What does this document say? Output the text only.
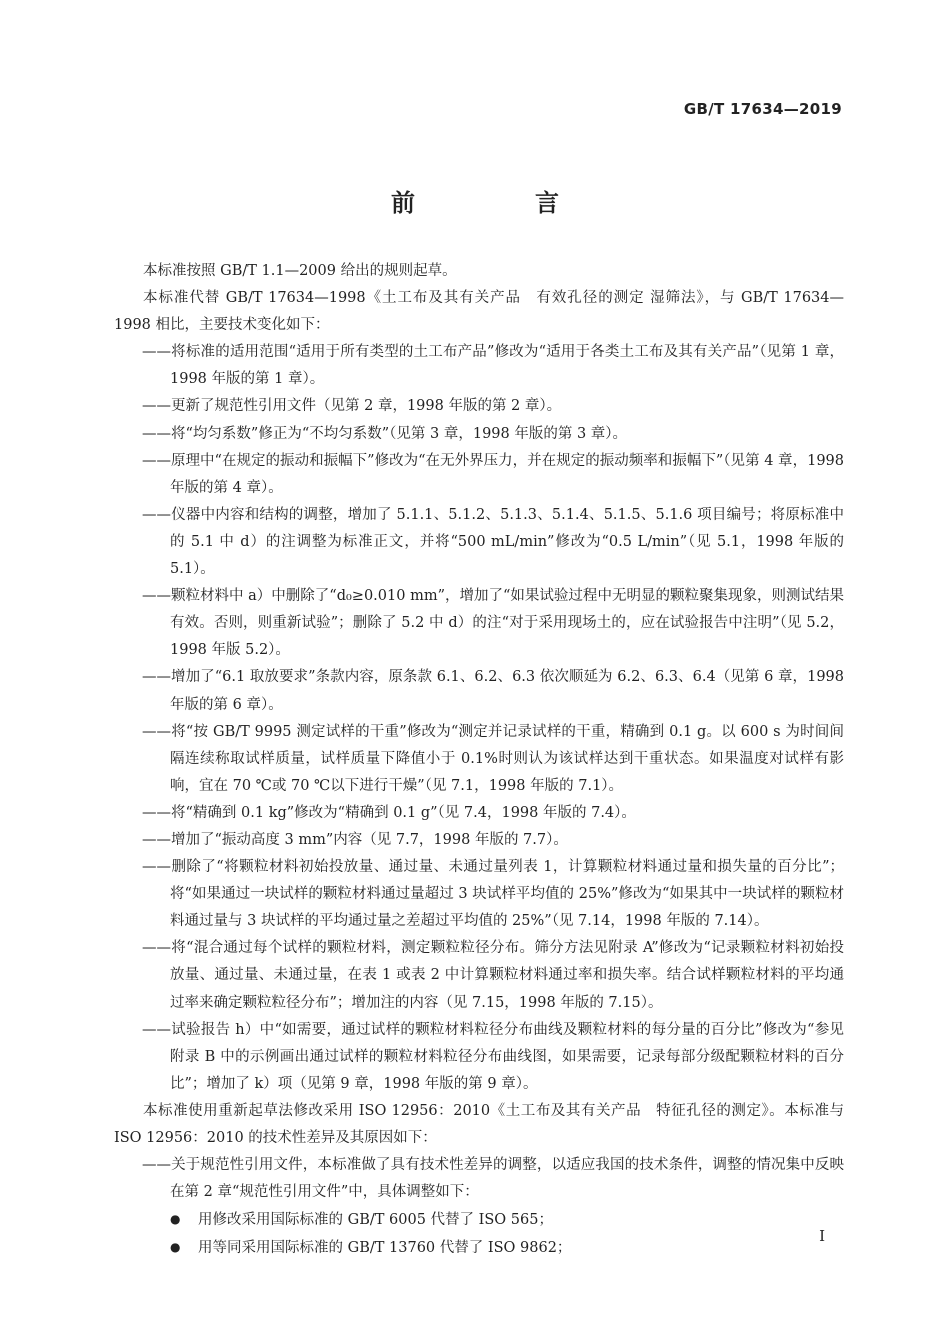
GB/T 17634—2019
前　言

本标准按照 GB/T 1.1—2009 给出的规则起草。

本标准代替 GB/T 17634—1998《土工布及其有关产品　有效孔径的测定 湿筛法》，与 GB/T 17634—1998 相比，主要技术变化如下：

——将标准的适用范围“适用于所有类型的土工布产品”修改为“适用于各类土工布及其有关产品”（见第 1 章，1998 年版的第 1 章）。

——更新了规范性引用文件（见第 2 章，1998 年版的第 2 章）。

——将“均匀系数”修正为“不均匀系数”（见第 3 章，1998 年版的第 3 章）。

——原理中“在规定的振动和振幅下”修改为“在无外界压力，并在规定的振动频率和振幅下”（见第 4 章，1998 年版的第 4 章）。

——仪器中内容和结构的调整，增加了 5.1.1、5.1.2、5.1.3、5.1.4、5.1.5、5.1.6 项目编号；将原标准中的 5.1 中 d）的注调整为标准正文，并将“500 mL/min”修改为“0.5 L/min”（见 5.1，1998 年版的 5.1）。

——颗粒材料中 a）中删除了“d₀≥0.010 mm”，增加了“如果试验过程中无明显的颗粒聚集现象，则测试结果有效。否则，则重新试验”；删除了 5.2 中 d）的注“对于采用现场土的，应在试验报告中注明”（见 5.2，1998 年版 5.2）。

——增加了“6.1 取放要求”条款内容，原条款 6.1、6.2、6.3 依次顺延为 6.2、6.3、6.4（见第 6 章，1998 年版的第 6 章）。

——将“按 GB/T 9995 测定试样的干重”修改为“测定并记录试样的干重，精确到 0.1 g。以 600 s 为时间间隔连续称取试样质量，试样质量下降值小于 0.1%时则认为该试样达到干重状态。如果温度对试样有影响，宜在 70 ℃或 70 ℃以下进行干燥”（见 7.1，1998 年版的 7.1）。

——将“精确到 0.1 kg”修改为“精确到 0.1 g”（见 7.4，1998 年版的 7.4）。

——增加了“振动高度 3 mm”内容（见 7.7，1998 年版的 7.7）。

——删除了“将颗粒材料初始投放量、通过量、未通过量列表 1，计算颗粒材料通过量和损失量的百分比”；将“如果通过一块试样的颗粒材料通过量超过 3 块试样平均值的 25%”修改为“如果其中一块试样的颗粒材料通过量与 3 块试样的平均通过量之差超过平均值的 25%”（见 7.14，1998 年版的 7.14）。

——将“混合通过每个试样的颗粒材料，测定颗粒粒径分布。筛分方法见附录 A”修改为“记录颗粒材料初始投放量、通过量、未通过量，在表 1 或表 2 中计算颗粒材料通过率和损失率。结合试样颗粒材料的平均通过率来确定颗粒粒径分布”；增加注的内容（见 7.15，1998 年版的 7.15）。

——试验报告 h）中“如需要，通过试样的颗粒材料粒径分布曲线及颗粒材料的每分量的百分比”修改为“参见附录 B 中的示例画出通过试样的颗粒材料粒径分布曲线图，如果需要，记录每部分级配颗粒材料的百分比”；增加了 k）项（见第 9 章，1998 年版的第 9 章）。

本标准使用重新起草法修改采用 ISO 12956：2010《土工布及其有关产品　特征孔径的测定》。本标准与 ISO 12956：2010 的技术性差异及其原因如下：

——关于规范性引用文件，本标准做了具有技术性差异的调整，以适应我国的技术条件，调整的情况集中反映在第 2 章“规范性引用文件”中，具体调整如下：

● 用修改采用国际标准的 GB/T 6005 代替了 ISO 565；

● 用等同采用国际标准的 GB/T 13760 代替了 ISO 9862；

I
